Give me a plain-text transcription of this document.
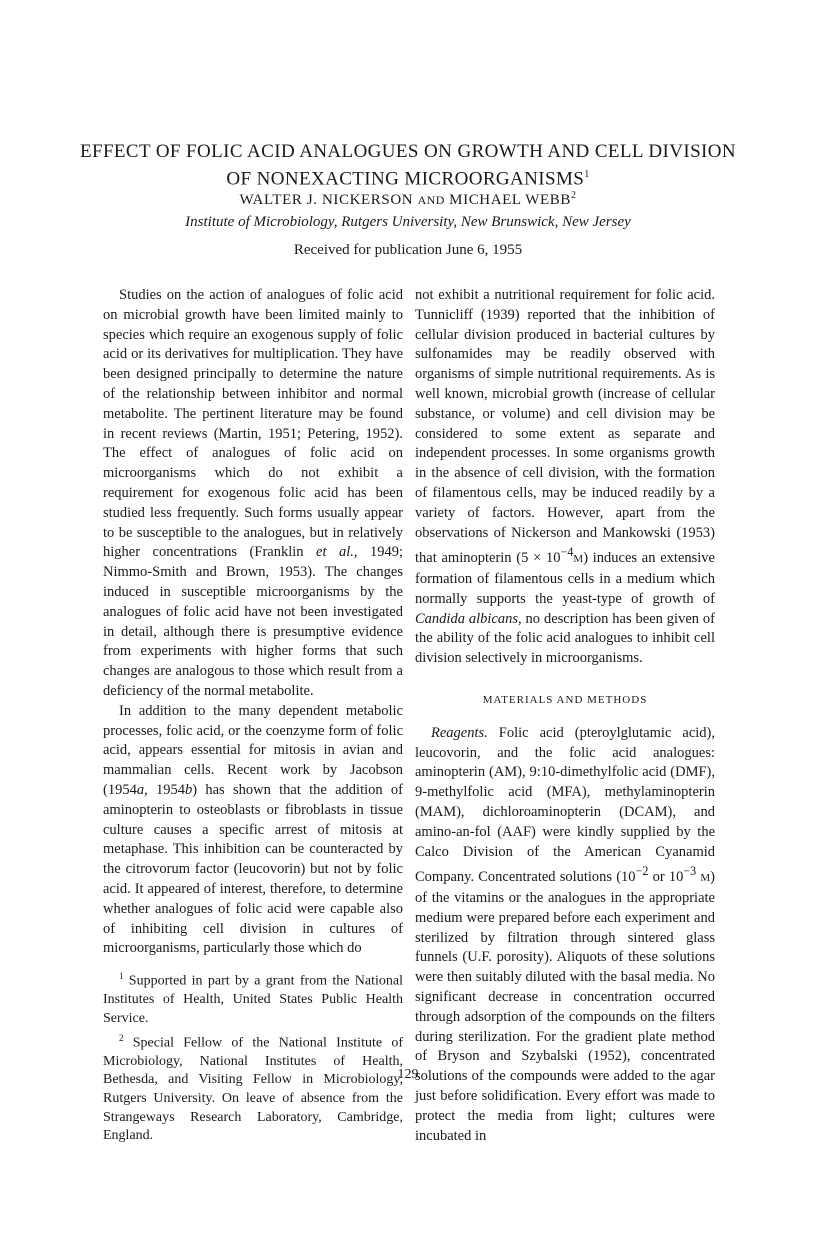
EFFECT OF FOLIC ACID ANALOGUES ON GROWTH AND CELL DIVISION
OF NONEXACTING MICROORGANISMS$^1$

WALTER J. NICKERSON AND MICHAEL WEBB$^2$

Institute of Microbiology, Rutgers University, New Brunswick, New Jersey

Received for publication June 6, 1955

Studies on the action of analogues of folic acid on microbial growth have been limited mainly to species which require an exogenous supply of folic acid or its derivatives for multiplication. They have been designed principally to determine the nature of the relationship between inhibitor and normal metabolite. The pertinent literature may be found in recent reviews (Martin, 1951; Petering, 1952). The effect of analogues of folic acid on microorganisms which do not exhibit a requirement for exogenous folic acid has been studied less frequently. Such forms usually appear to be susceptible to the analogues, but in relatively higher concentrations (Franklin et al., 1949; Nimmo-Smith and Brown, 1953). The changes induced in susceptible microorganisms by the analogues of folic acid have not been investigated in detail, although there is presumptive evidence from experiments with higher forms that such changes are analogous to those which result from a deficiency of the normal metabolite.

In addition to the many dependent metabolic processes, folic acid, or the coenzyme form of folic acid, appears essential for mitosis in avian and mammalian cells. Recent work by Jacobson (1954a, 1954b) has shown that the addition of aminopterin to osteoblasts or fibroblasts in tissue culture causes a specific arrest of mitosis at metaphase. This inhibition can be counteracted by the citrovorum factor (leucovorin) but not by folic acid. It appeared of interest, therefore, to determine whether analogues of folic acid were capable also of inhibiting cell division in cultures of microorganisms, particularly those which do

$^1$ Supported in part by a grant from the National Institutes of Health, United States Public Health Service.

$^2$ Special Fellow of the National Institute of Microbiology, National Institutes of Health, Bethesda, and Visiting Fellow in Microbiology, Rutgers University. On leave of absence from the Strangeways Research Laboratory, Cambridge, England.

not exhibit a nutritional requirement for folic acid. Tunnicliff (1939) reported that the inhibition of cellular division produced in bacterial cultures by sulfonamides may be readily observed with organisms of simple nutritional requirements. As is well known, microbial growth (increase of cellular substance, or volume) and cell division may be considered to some extent as separate and independent processes. In some organisms growth in the absence of cell division, with the formation of filamentous cells, may be induced readily by a variety of factors. However, apart from the observations of Nickerson and Mankowski (1953) that aminopterin $(5 \times 10^{-4}M)$ induces an extensive formation of filamentous cells in a medium which normally supports the yeast-type of growth of Candida albicans, no description has been given of the ability of the folic acid analogues to inhibit cell division selectively in microorganisms.

MATERIALS AND METHODS

Reagents. Folic acid (pteroylglutamic acid), leucovorin, and the folic acid analogues: aminopterin (AM), 9:10-dimethylfolic acid (DMF), 9-methylfolic acid (MFA), methylaminopterin (MAM), dichloroaminopterin (DCAM), and amino-an-fol (AAF) were kindly supplied by the Calco Division of the American Cyanamid Company. Concentrated solutions ($10^{-2}$ or $10^{-3}$ M) of the vitamins or the analogues in the appropriate medium were prepared before each experiment and sterilized by filtration through sintered glass funnels (U.F. porosity). Aliquots of these solutions were then suitably diluted with the basal media. No significant decrease in concentration occurred through adsorption of the compounds on the filters during sterilization. For the gradient plate method of Bryson and Szybalski (1952), concentrated solutions of the compounds were added to the agar just before solidification. Every effort was made to protect the media from light; cultures were incubated in

129
